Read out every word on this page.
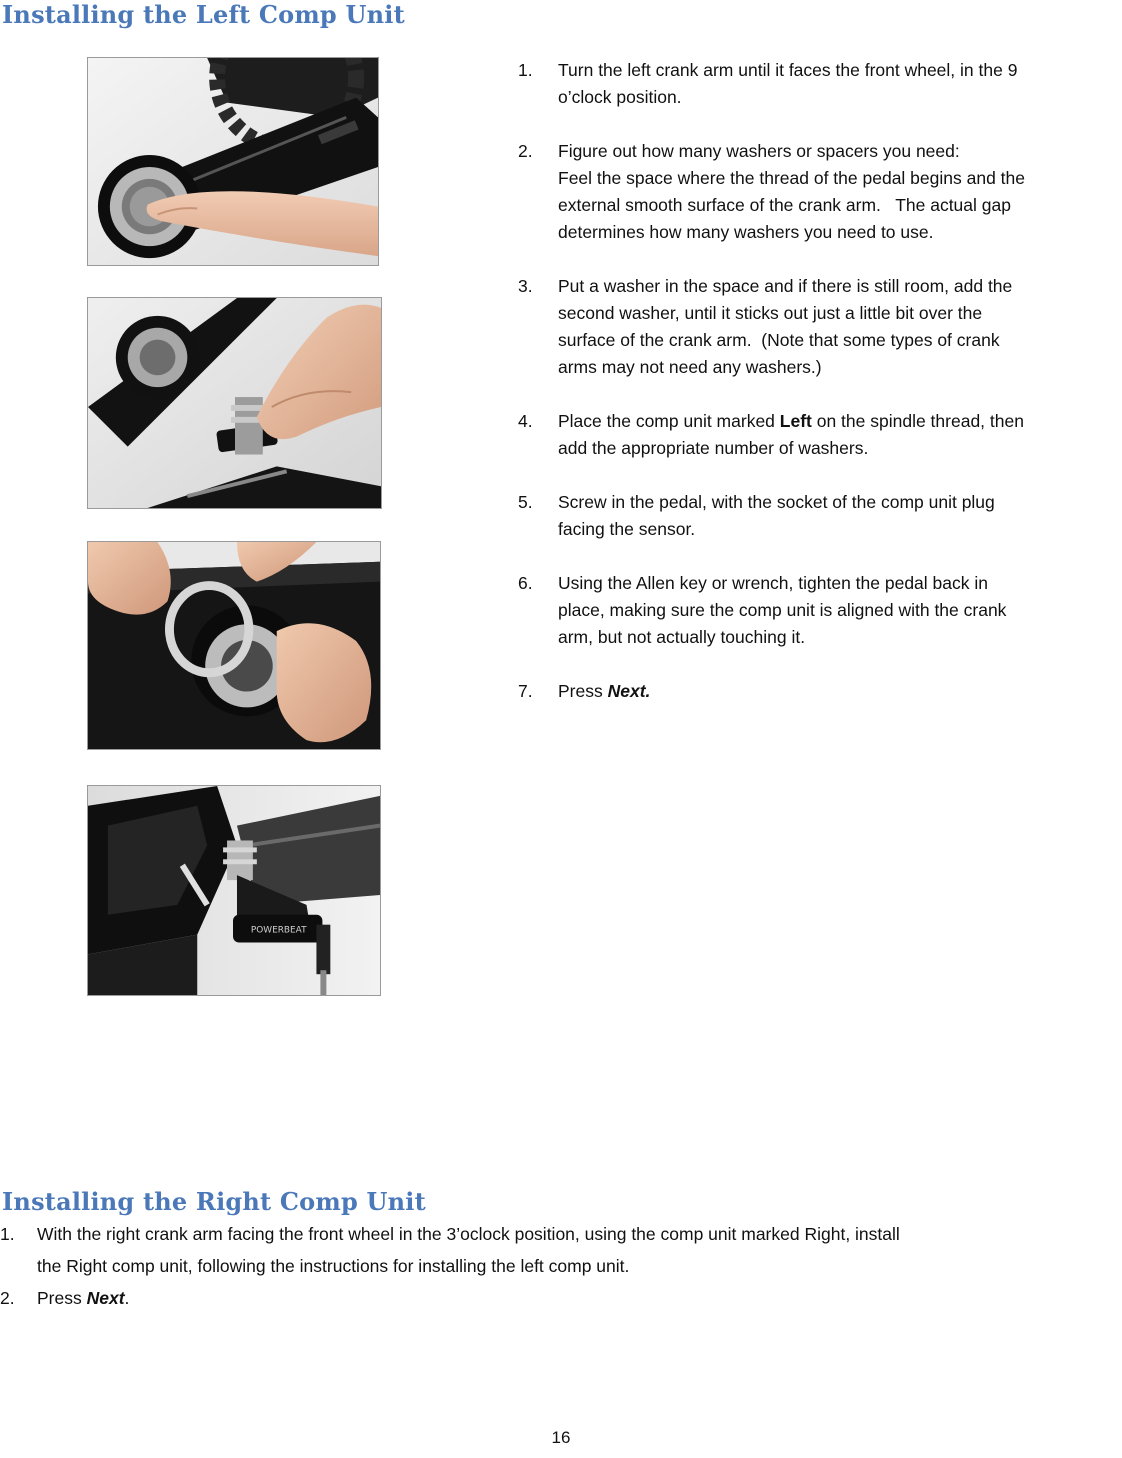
Installing the Left Comp Unit
POWERBEAT
1. Turn the left crank arm until it faces the front wheel, in the 9
o’clock position.
2. Figure out how many washers or spacers you need:
Feel the space where the thread of the pedal begins and the
external smooth surface of the crank arm.   The actual gap
determines how many washers you need to use.
3. Put a washer in the space and if there is still room, add the
second washer, until it sticks out just a little bit over the
surface of the crank arm.  (Note that some types of crank
arms may not need any washers.)
4. Place the comp unit marked Left on the spindle thread, then
add the appropriate number of washers.
5. Screw in the pedal, with the socket of the comp unit plug
facing the sensor.
6. Using the Allen key or wrench, tighten the pedal back in
place, making sure the comp unit is aligned with the crank
arm, but not actually touching it.
7. Press Next.
Installing the Right Comp Unit
1. With the right crank arm facing the front wheel in the 3’oclock position, using the comp unit marked Right, install
the Right comp unit, following the instructions for installing the left comp unit.
2. Press Next.
16
